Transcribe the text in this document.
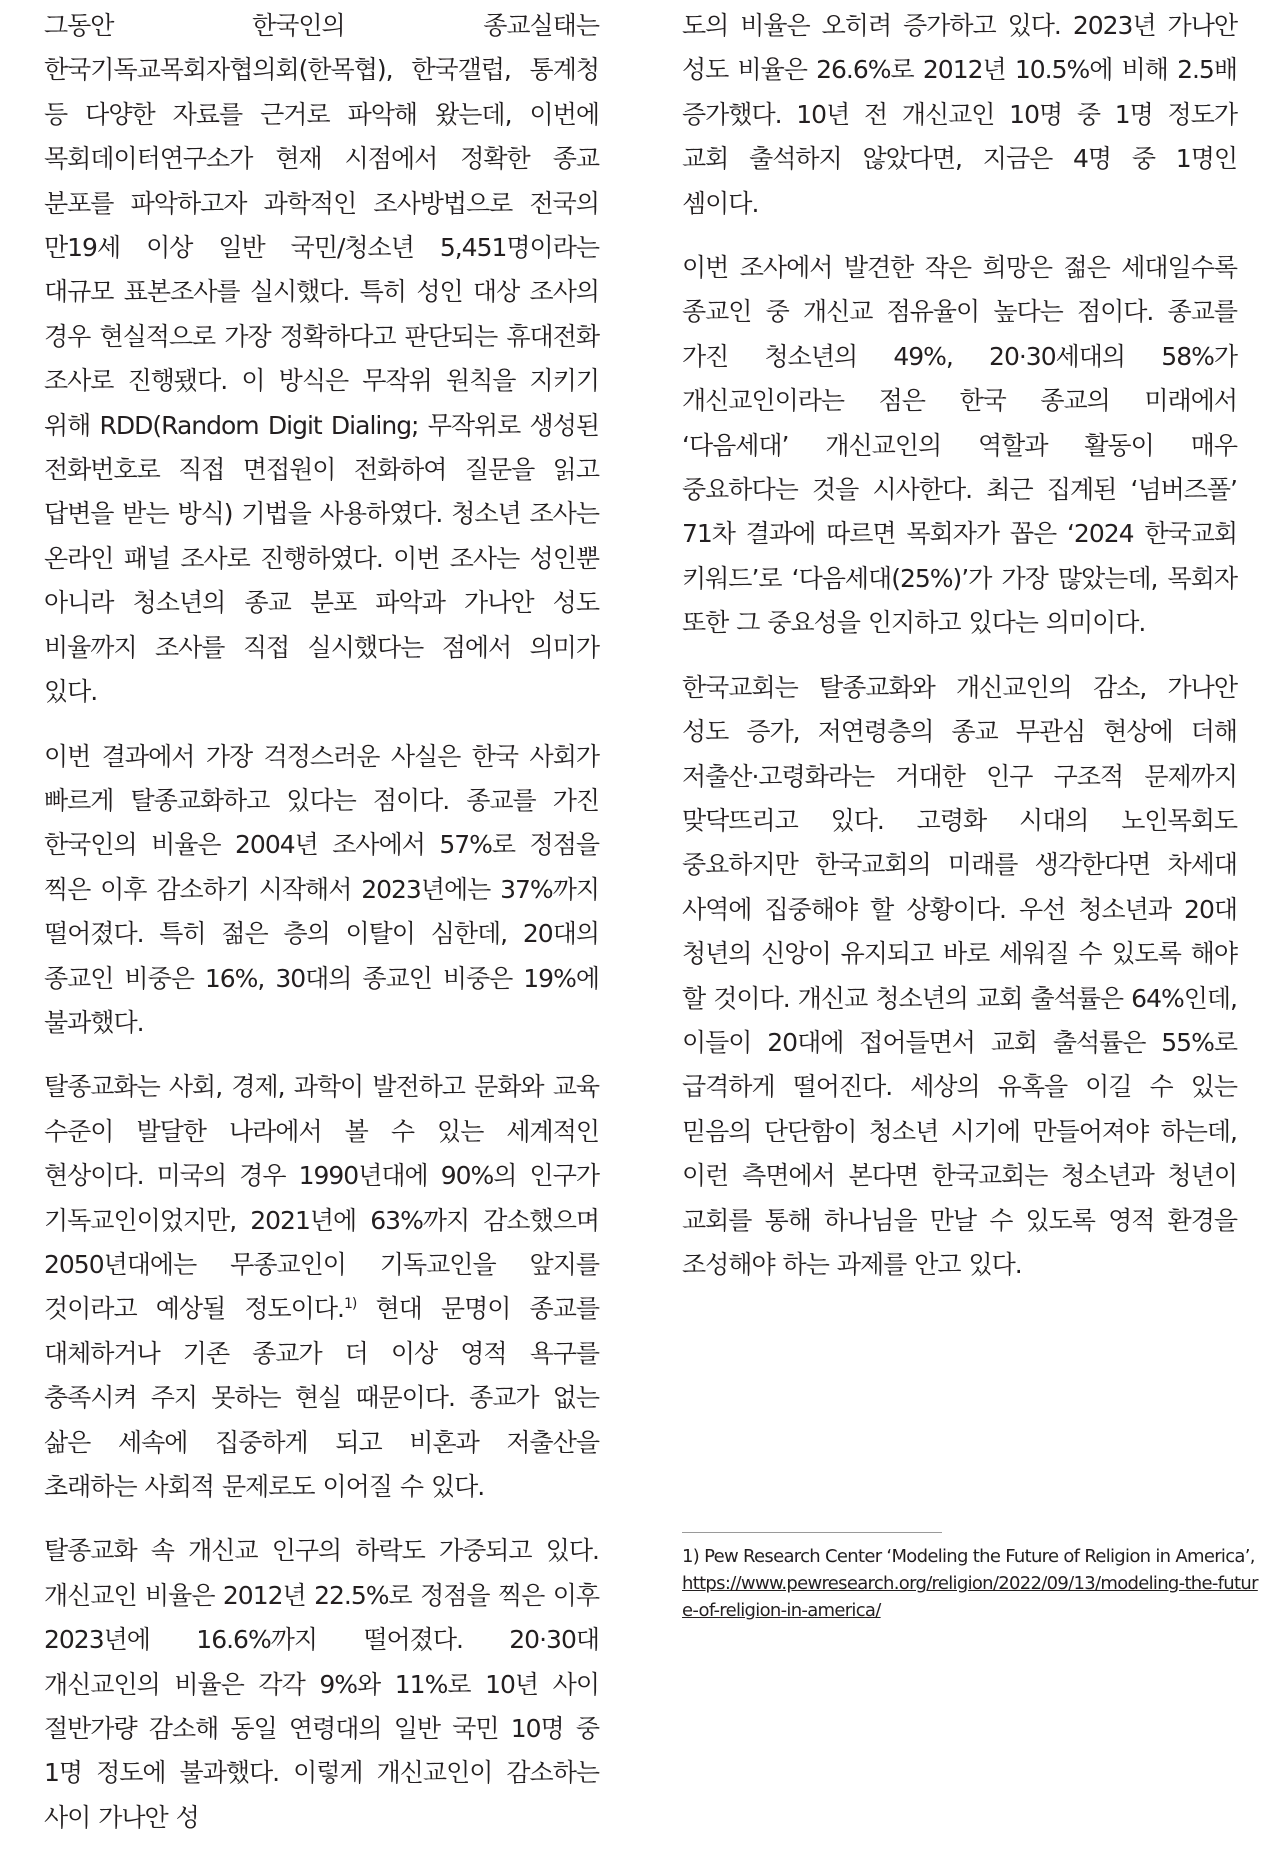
그동안 한국인의 종교실태는 한국기독교목회자협의회(한목협), 한국갤럽, 통계청 등 다양한 자료를 근거로 파악해 왔는데, 이번에 목회데이터연구소가 현재 시점에서 정확한 종교 분포를 파악하고자 과학적인 조사방법으로 전국의 만19세 이상 일반 국민/청소년 5,451명이라는 대규모 표본조사를 실시했다. 특히 성인 대상 조사의 경우 현실적으로 가장 정확하다고 판단되는 휴대전화 조사로 진행됐다. 이 방식은 무작위 원칙을 지키기 위해 RDD(Random Digit Dialing; 무작위로 생성된 전화번호로 직접 면접원이 전화하여 질문을 읽고 답변을 받는 방식) 기법을 사용하였다. 청소년 조사는 온라인 패널 조사로 진행하였다. 이번 조사는 성인뿐 아니라 청소년의 종교 분포 파악과 가나안 성도 비율까지 조사를 직접 실시했다는 점에서 의미가 있다.

이번 결과에서 가장 걱정스러운 사실은 한국 사회가 빠르게 탈종교화하고 있다는 점이다. 종교를 가진 한국인의 비율은 2004년 조사에서 57%로 정점을 찍은 이후 감소하기 시작해서 2023년에는 37%까지 떨어졌다. 특히 젊은 층의 이탈이 심한데, 20대의 종교인 비중은 16%, 30대의 종교인 비중은 19%에 불과했다.

탈종교화는 사회, 경제, 과학이 발전하고 문화와 교육 수준이 발달한 나라에서 볼 수 있는 세계적인 현상이다. 미국의 경우 1990년대에 90%의 인구가 기독교인이었지만, 2021년에 63%까지 감소했으며 2050년대에는 무종교인이 기독교인을 앞지를 것이라고 예상될 정도이다.$^{1)}$ 현대 문명이 종교를 대체하거나 기존 종교가 더 이상 영적 욕구를 충족시켜 주지 못하는 현실 때문이다. 종교가 없는 삶은 세속에 집중하게 되고 비혼과 저출산을 초래하는 사회적 문제로도 이어질 수 있다.

탈종교화 속 개신교 인구의 하락도 가중되고 있다. 개신교인 비율은 2012년 22.5%로 정점을 찍은 이후 2023년에 16.6%까지 떨어졌다. 20·30대 개신교인의 비율은 각각 9%와 11%로 10년 사이 절반가량 감소해 동일 연령대의 일반 국민 10명 중 1명 정도에 불과했다. 이렇게 개신교인이 감소하는 사이 가나안 성

도의 비율은 오히려 증가하고 있다. 2023년 가나안 성도 비율은 26.6%로 2012년 10.5%에 비해 2.5배 증가했다. 10년 전 개신교인 10명 중 1명 정도가 교회 출석하지 않았다면, 지금은 4명 중 1명인 셈이다.

이번 조사에서 발견한 작은 희망은 젊은 세대일수록 종교인 중 개신교 점유율이 높다는 점이다. 종교를 가진 청소년의 49%, 20·30세대의 58%가 개신교인이라는 점은 한국 종교의 미래에서 ‘다음세대’ 개신교인의 역할과 활동이 매우 중요하다는 것을 시사한다. 최근 집계된 ‘넘버즈폴’ 71차 결과에 따르면 목회자가 꼽은 ‘2024 한국교회 키워드’로 ‘다음세대(25%)’가 가장 많았는데, 목회자 또한 그 중요성을 인지하고 있다는 의미이다.

한국교회는 탈종교화와 개신교인의 감소, 가나안 성도 증가, 저연령층의 종교 무관심 현상에 더해 저출산·고령화라는 거대한 인구 구조적 문제까지 맞닥뜨리고 있다. 고령화 시대의 노인목회도 중요하지만 한국교회의 미래를 생각한다면 차세대 사역에 집중해야 할 상황이다. 우선 청소년과 20대 청년의 신앙이 유지되고 바로 세워질 수 있도록 해야 할 것이다. 개신교 청소년의 교회 출석률은 64%인데, 이들이 20대에 접어들면서 교회 출석률은 55%로 급격하게 떨어진다. 세상의 유혹을 이길 수 있는 믿음의 단단함이 청소년 시기에 만들어져야 하는데, 이런 측면에서 본다면 한국교회는 청소년과 청년이 교회를 통해 하나님을 만날 수 있도록 영적 환경을 조성해야 하는 과제를 안고 있다.

1) Pew Research Center ‘Modeling the Future of Religion in America’,
https://www.pewresearch.org/religion/2022/09/13/modeling-the-future-of-religion-in-america/
